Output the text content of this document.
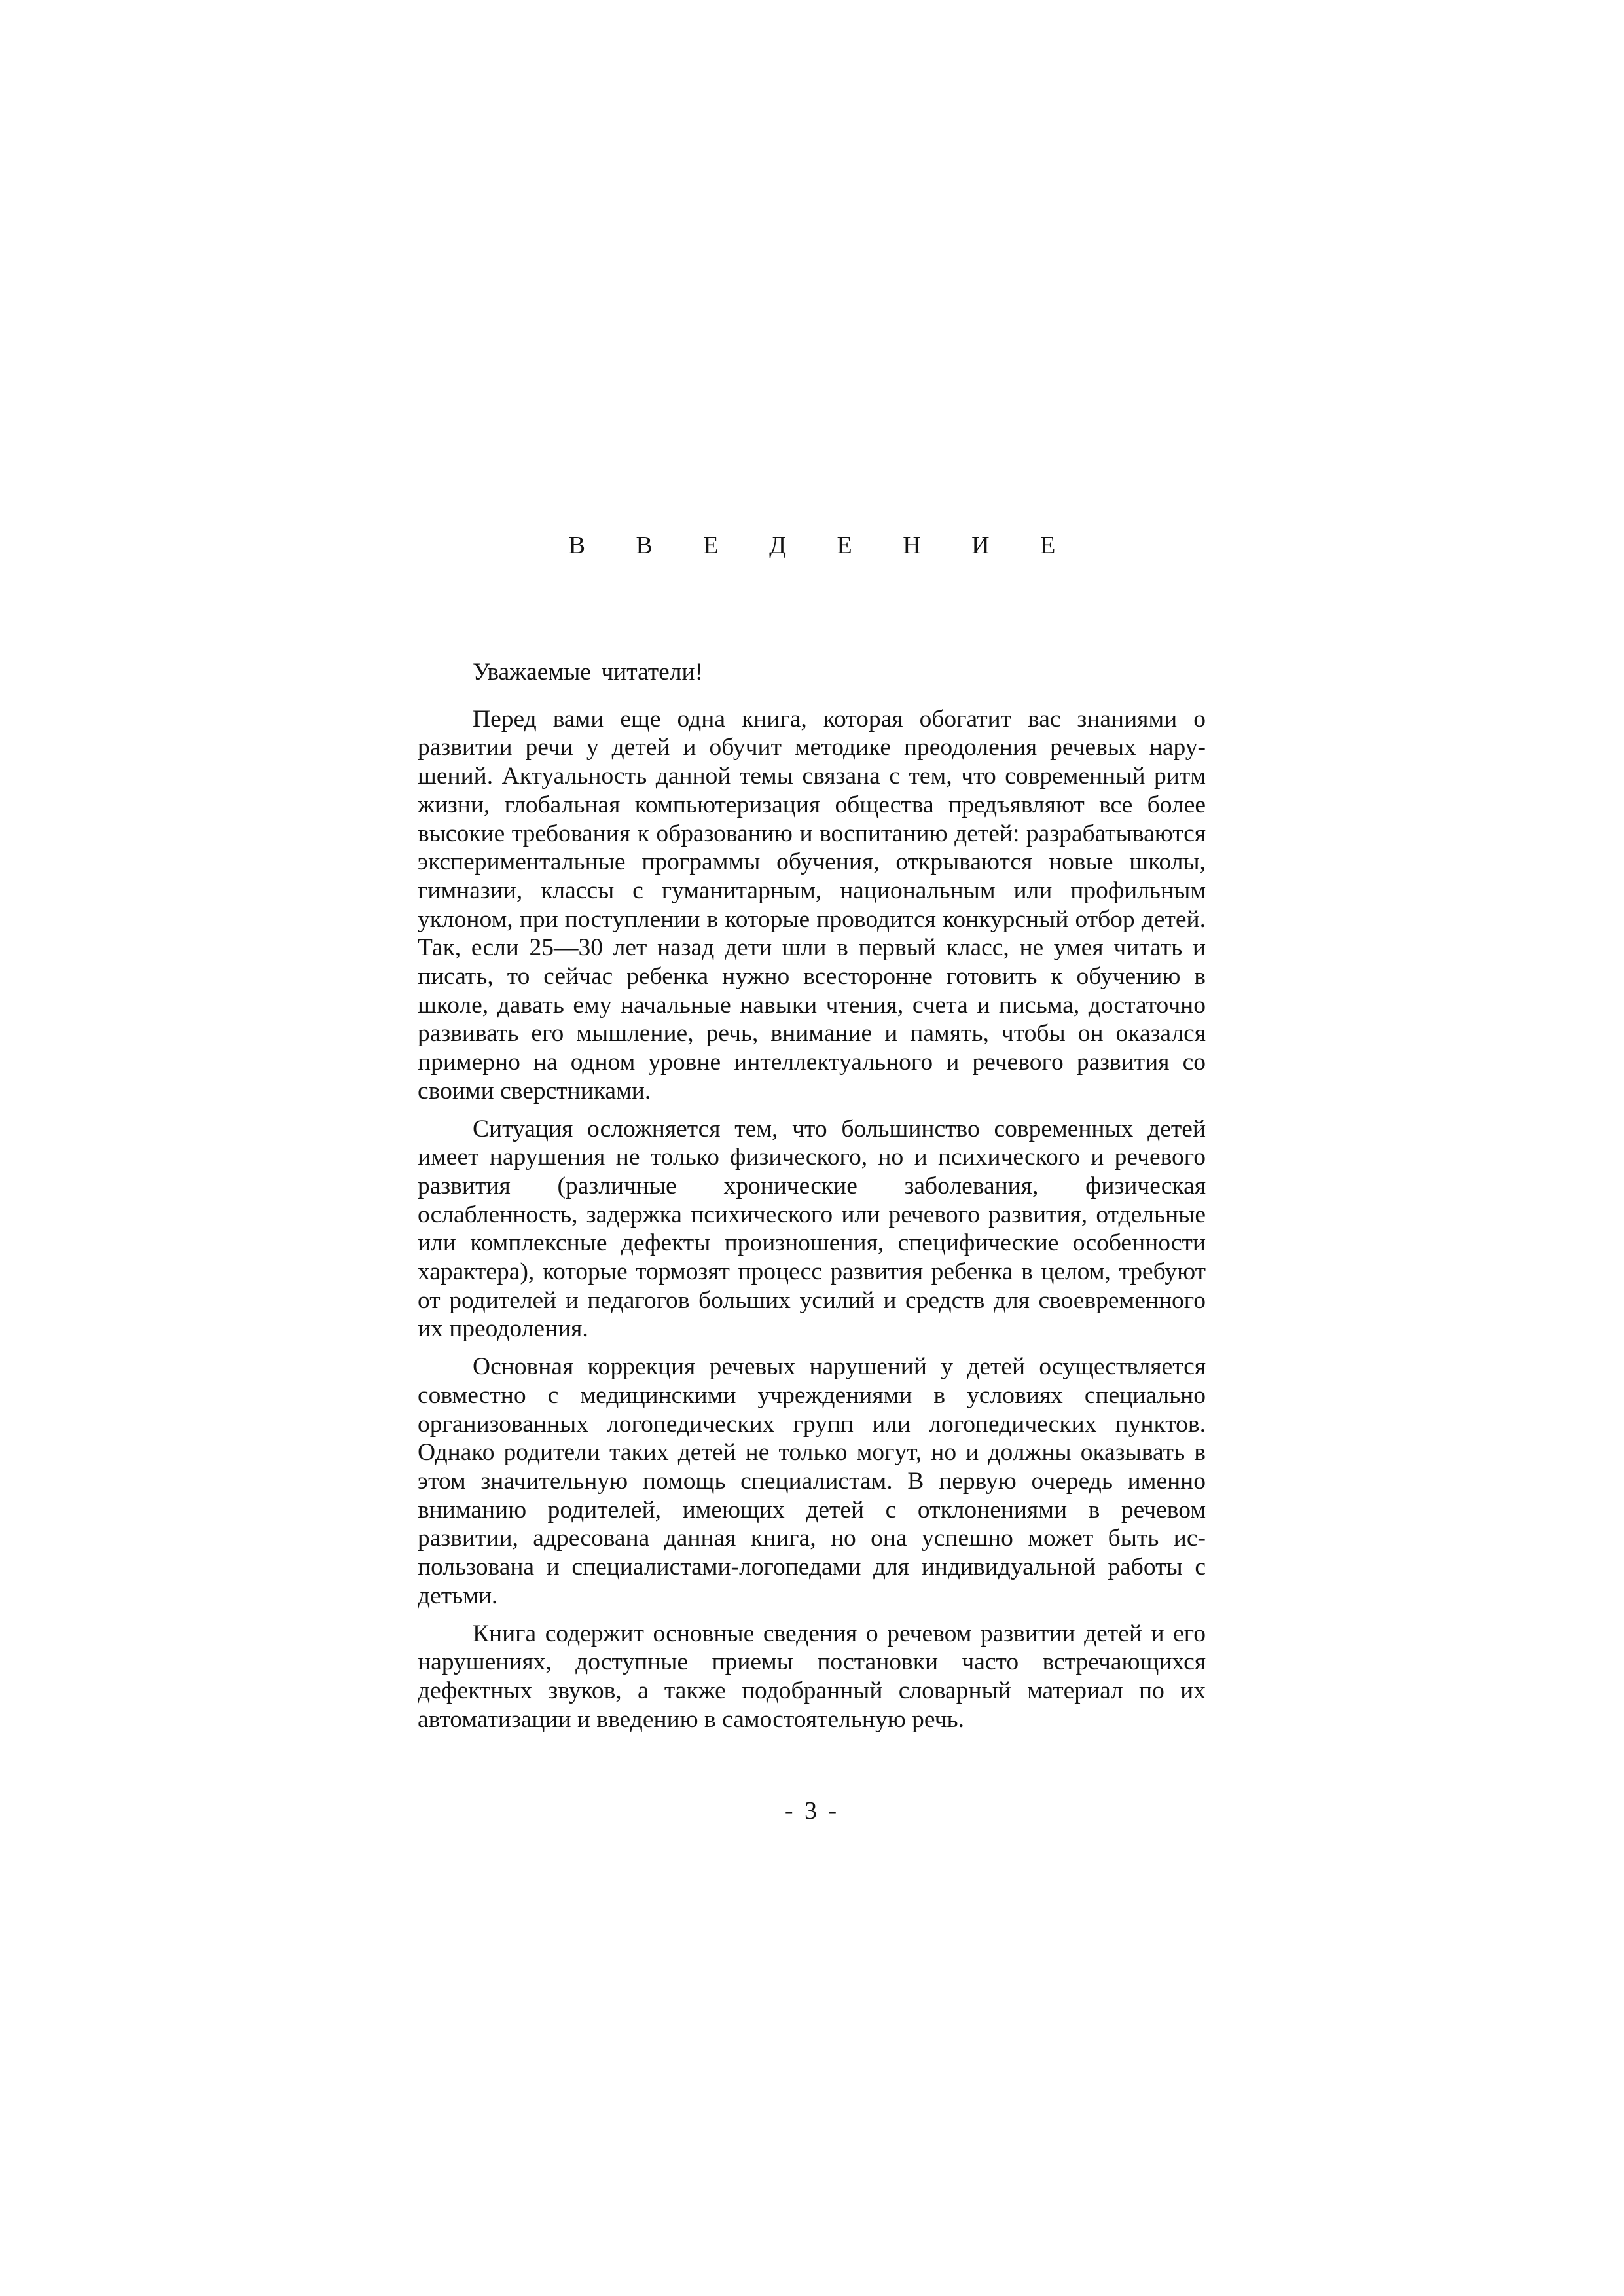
В В Е Д Е Н И Е

Уважаемые читатели!

Перед вами еще одна книга, которая обогатит вас знаниями о развитии речи у детей и обучит методике преодоления речевых нарушений. Актуальность данной темы связана с тем, что современный ритм жизни, глобальная компьютеризация общества предъявляют все более высокие требования к образованию и воспитанию детей: разрабатываются экспериментальные программы обучения, открываются новые школы, гимназии, классы с гуманитарным, национальным или профильным уклоном, при поступлении в которые проводится конкурсный отбор детей. Так, если 25—30 лет назад дети шли в первый класс, не умея читать и писать, то сейчас ребенка нужно всесторонне готовить к обучению в школе, давать ему начальные навыки чтения, счета и письма, достаточно развивать его мышление, речь, внимание и память, чтобы он оказался примерно на одном уровне интеллектуального и речевого развития со своими сверстниками.

Ситуация осложняется тем, что большинство современных детей имеет нарушения не только физического, но и психического и речевого развития (различные хронические заболевания, физическая ослабленность, задержка психического или речевого развития, отдельные или комплексные дефекты произношения, специфические особенности характера), которые тормозят процесс развития ребенка в целом, требуют от родителей и педагогов больших усилий и средств для своевременного их преодоления.

Основная коррекция речевых нарушений у детей осуществляется совместно с медицинскими учреждениями в условиях специально организованных логопедических групп или логопедических пунктов. Однако родители таких детей не только могут, но и должны оказывать в этом значительную помощь специалистам. В первую очередь именно вниманию родителей, имеющих детей с отклонениями в речевом развитии, адресована данная книга, но она успешно может быть использована и специалистами-логопедами для индивидуальной работы с детьми.

Книга содержит основные сведения о речевом развитии детей и его нарушениях, доступные приемы постановки часто встречающихся дефектных звуков, а также подобранный словарный материал по их автоматизации и введению в самостоятельную речь.

- 3 -
